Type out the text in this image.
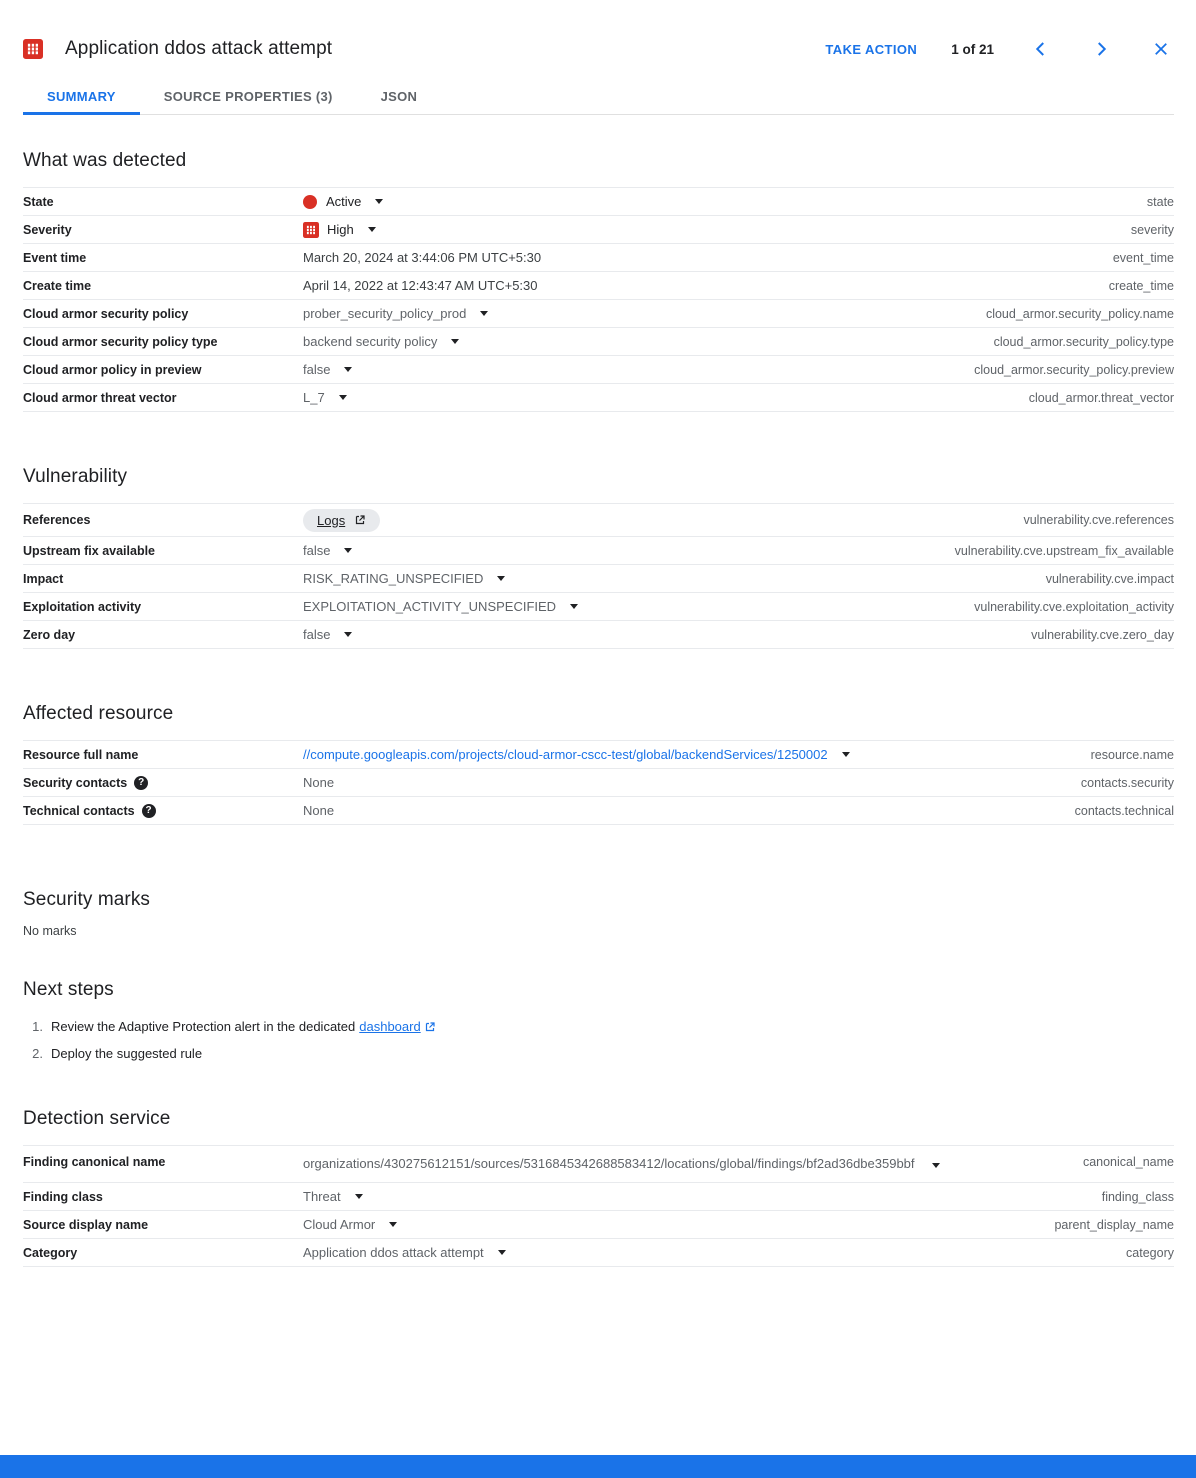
Application ddos attack attempt	TAKE ACTION	1 of 21
SUMMARY	SOURCE PROPERTIES (3)	JSON
What was detected
State	Active	state
Severity	High	severity
Event time	March 20, 2024 at 3:44:06 PM UTC+5:30	event_time
Create time	April 14, 2022 at 12:43:47 AM UTC+5:30	create_time
Cloud armor security policy	prober_security_policy_prod	cloud_armor.security_policy.name
Cloud armor security policy type	backend security policy	cloud_armor.security_policy.type
Cloud armor policy in preview	false	cloud_armor.security_policy.preview
Cloud armor threat vector	L_7	cloud_armor.threat_vector
Vulnerability
References	Logs	vulnerability.cve.references
Upstream fix available	false	vulnerability.cve.upstream_fix_available
Impact	RISK_RATING_UNSPECIFIED	vulnerability.cve.impact
Exploitation activity	EXPLOITATION_ACTIVITY_UNSPECIFIED	vulnerability.cve.exploitation_activity
Zero day	false	vulnerability.cve.zero_day
Affected resource
Resource full name	//compute.googleapis.com/projects/cloud-armor-cscc-test/global/backendServices/1250002	resource.name
Security contacts	?	None	contacts.security
Technical contacts	?	None	contacts.technical
Security marks
No marks
Next steps
Review the Adaptive Protection alert in the dedicated dashboard
Deploy the suggested rule
Detection service
Finding canonical name	organizations/430275612151/sources/5316845342688583412/locations/global/findings/bf2ad36dbe359bbf	canonical_name
Finding class	Threat	finding_class
Source display name	Cloud Armor	parent_display_name
Category	Application ddos attack attempt	category
